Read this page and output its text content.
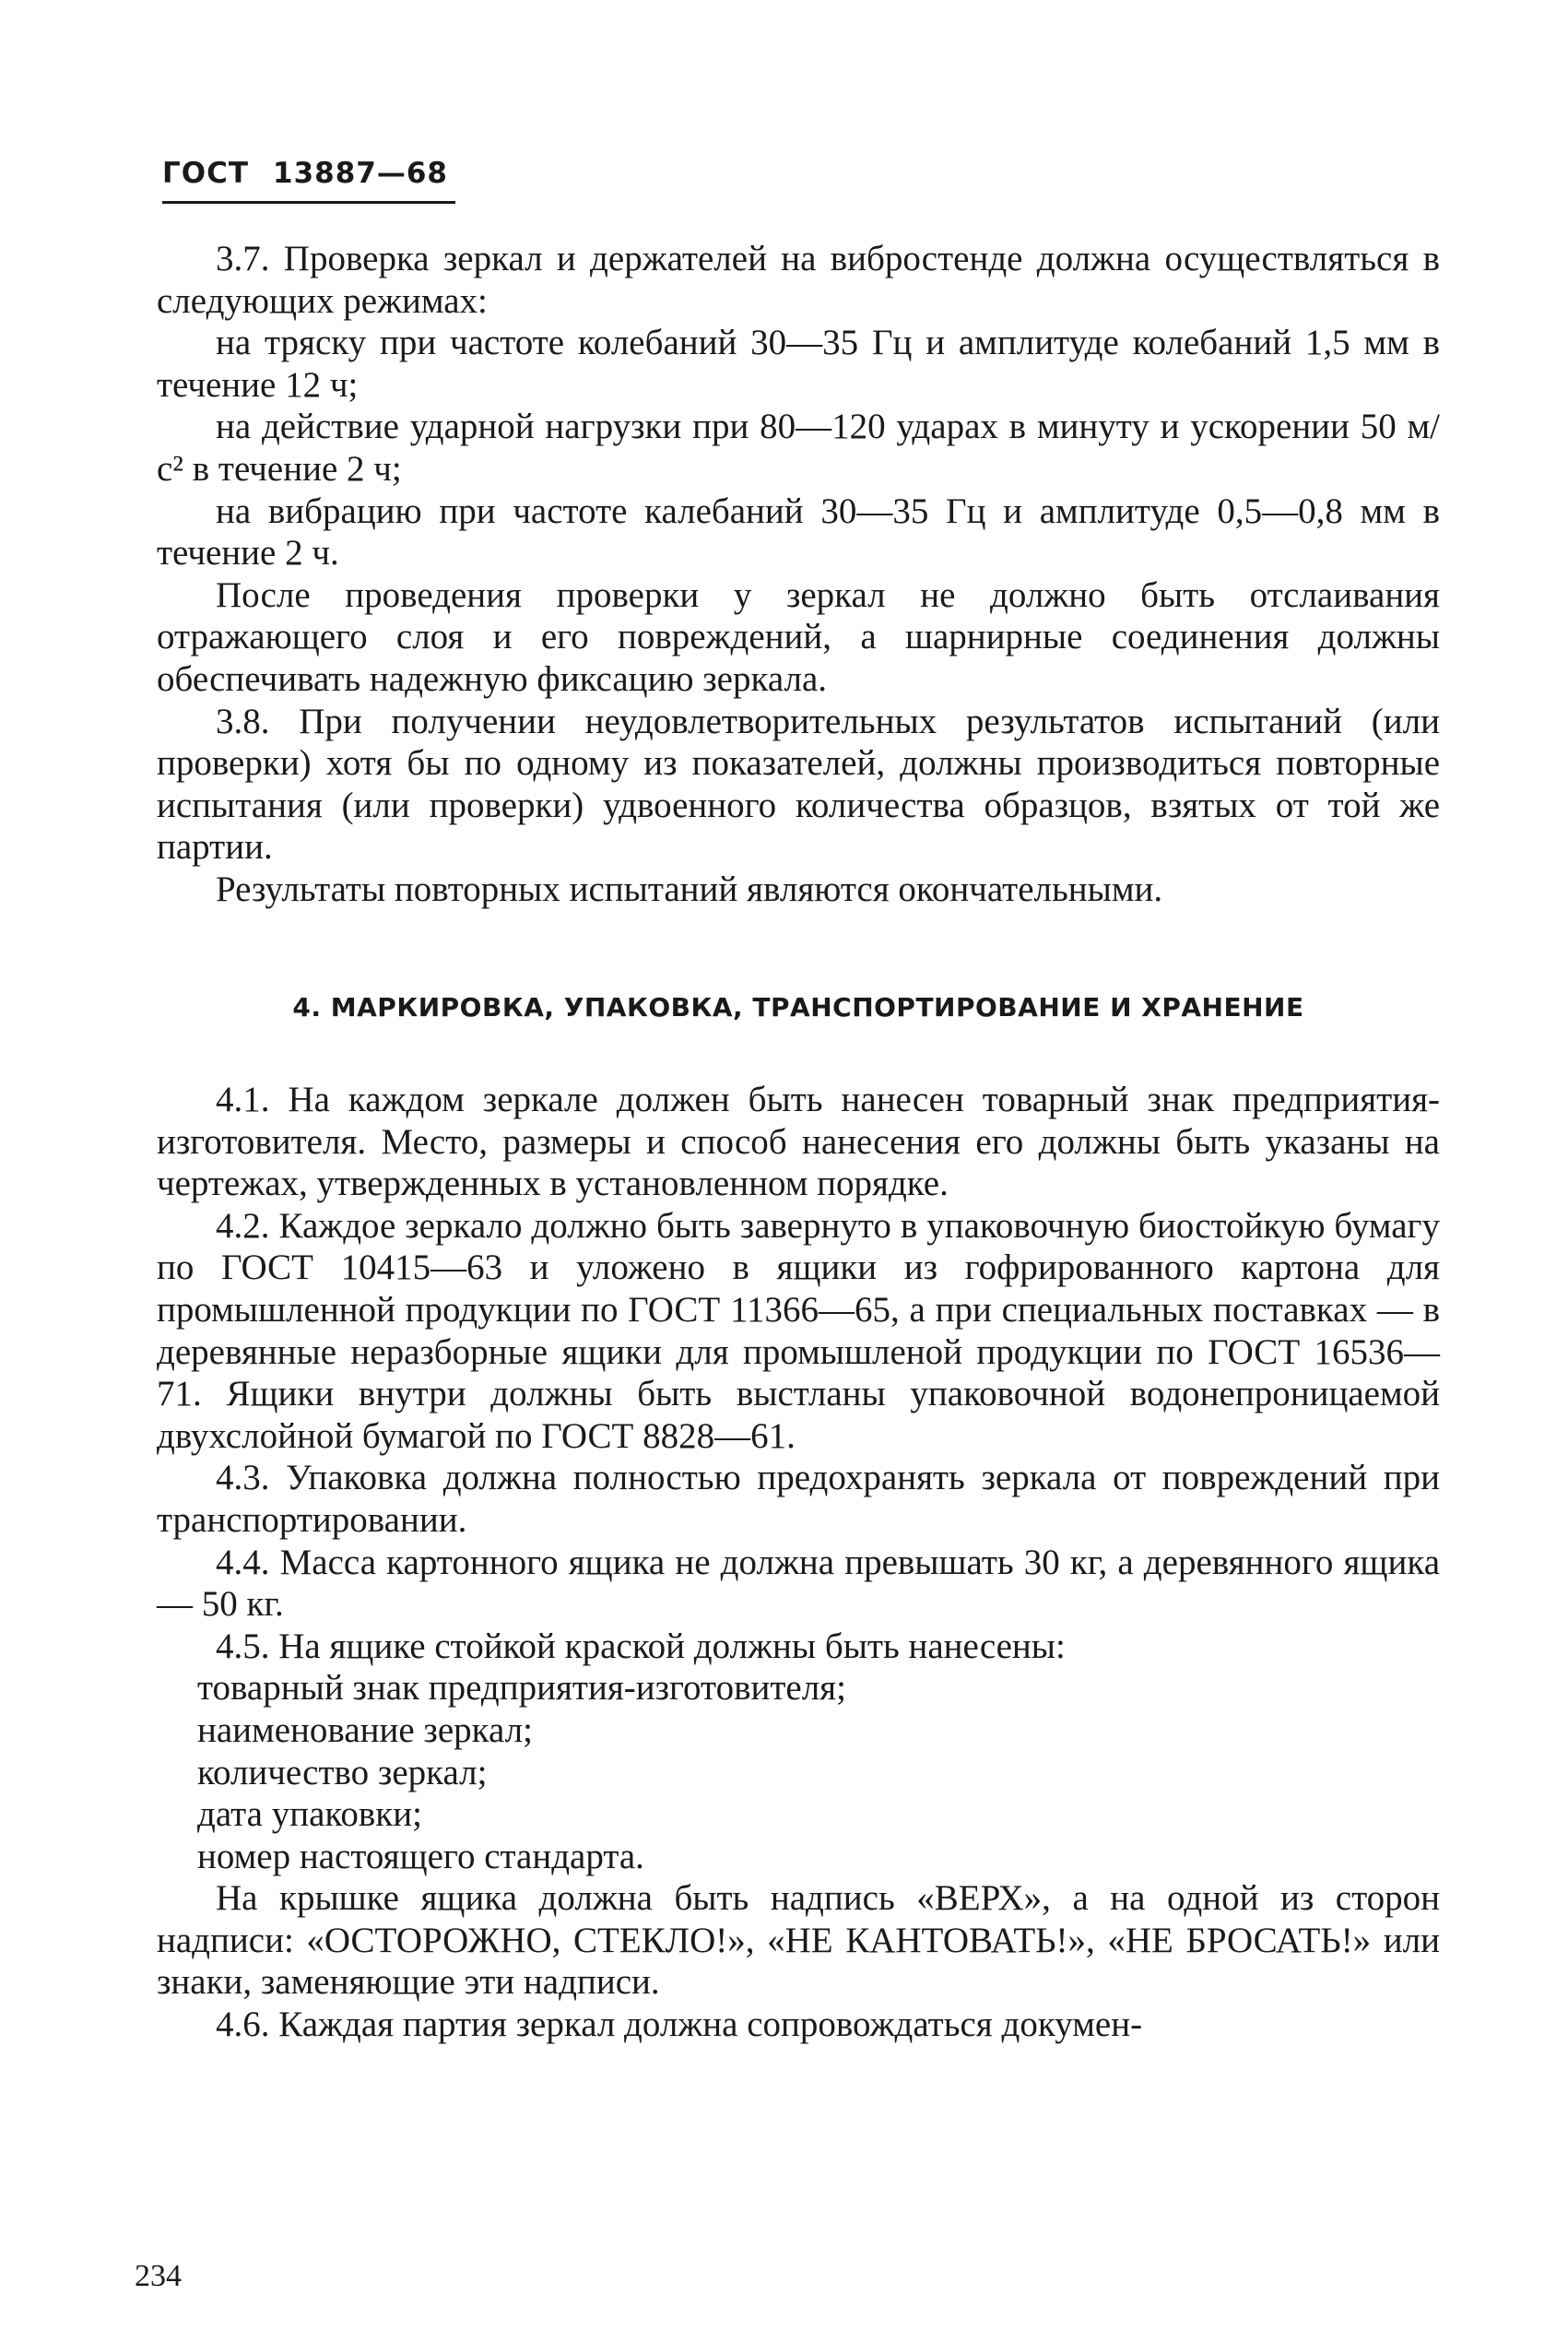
ГОСТ 13887—68

3.7. Проверка зеркал и держателей на вибростенде должна осуществляться в следующих режимах:

на тряску при частоте колебаний 30—35 Гц и амплитуде колебаний 1,5 мм в течение 12 ч;

на действие ударной нагрузки при 80—120 ударах в минуту и ускорении 50 м/с² в течение 2 ч;

на вибрацию при частоте калебаний 30—35 Гц и амплитуде 0,5—0,8 мм в течение 2 ч.

После проведения проверки у зеркал не должно быть отслаивания отражающего слоя и его повреждений, а шарнирные соединения должны обеспечивать надежную фиксацию зеркала.

3.8. При получении неудовлетворительных результатов испытаний (или проверки) хотя бы по одному из показателей, должны производиться повторные испытания (или проверки) удвоенного количества образцов, взятых от той же партии.

Результаты повторных испытаний являются окончательными.

4. МАРКИРОВКА, УПАКОВКА, ТРАНСПОРТИРОВАНИЕ И ХРАНЕНИЕ

4.1. На каждом зеркале должен быть нанесен товарный знак предприятия-изготовителя. Место, размеры и способ нанесения его должны быть указаны на чертежах, утвержденных в установленном порядке.

4.2. Каждое зеркало должно быть завернуто в упаковочную биостойкую бумагу по ГОСТ 10415—63 и уложено в ящики из гофрированного картона для промышленной продукции по ГОСТ 11366—65, а при специальных поставках — в деревянные неразборные ящики для промышленой продукции по ГОСТ 16536—71. Ящики внутри должны быть выстланы упаковочной водонепроницаемой двухслойной бумагой по ГОСТ 8828—61.

4.3. Упаковка должна полностью предохранять зеркала от повреждений при транспортировании.

4.4. Масса картонного ящика не должна превышать 30 кг, а деревянного ящика — 50 кг.

4.5. На ящике стойкой краской должны быть нанесены:

товарный знак предприятия-изготовителя;

наименование зеркал;

количество зеркал;

дата упаковки;

номер настоящего стандарта.

На крышке ящика должна быть надпись «ВЕРХ», а на одной из сторон надписи: «ОСТОРОЖНО, СТЕКЛО!», «НЕ КАНТОВАТЬ!», «НЕ БРОСАТЬ!» или знаки, заменяющие эти надписи.

4.6. Каждая партия зеркал должна сопровождаться докумен-

234
